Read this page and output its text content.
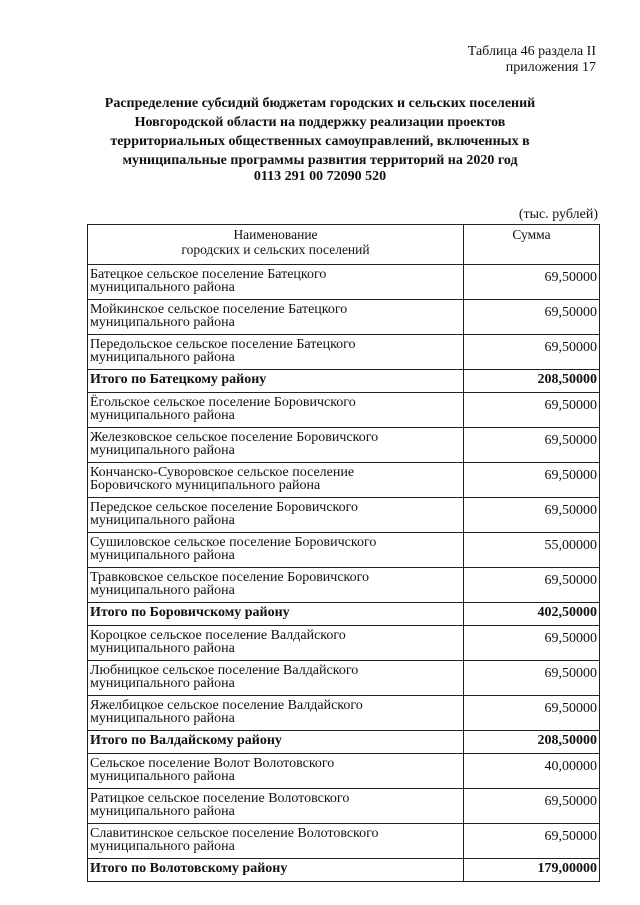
Таблица 46 раздела II
приложения 17
Распределение субсидий бюджетам городских и сельских поселений
Новгородской области на поддержку реализации проектов
территориальных общественных самоуправлений, включенных в
муниципальные программы развития территорий на 2020 год
0113 291 00 72090 520
(тыс. рублей)
Наименование
городских и сельских поселений	Сумма

Батецкое сельское поселение Батецкого
муниципального района	69,50000

Мойкинское сельское поселение Батецкого
муниципального района	69,50000

Передольское сельское поселение Батецкого
муниципального района	69,50000
Итого по Батецкому району	208,50000

Ёгольское сельское поселение Боровичского
муниципального района	69,50000

Железковское сельское поселение Боровичского
муниципального района	69,50000

Кончанско-Суворовское сельское поселение
Боровичского муниципального района	69,50000

Передское сельское поселение Боровичского
муниципального района	69,50000

Сушиловское сельское поселение Боровичского
муниципального района	55,00000

Травковское сельское поселение Боровичского
муниципального района	69,50000
Итого по Боровичскому району	402,50000

Короцкое сельское поселение Валдайского
муниципального района	69,50000

Любницкое сельское поселение Валдайского
муниципального района	69,50000

Яжелбицкое сельское поселение Валдайского
муниципального района	69,50000
Итого по Валдайскому району	208,50000

Сельское поселение Волот Волотовского
муниципального района	40,00000

Ратицкое сельское поселение Волотовского
муниципального района	69,50000

Славитинское сельское поселение Волотовского
муниципального района	69,50000
Итого по Волотовскому району	179,00000
